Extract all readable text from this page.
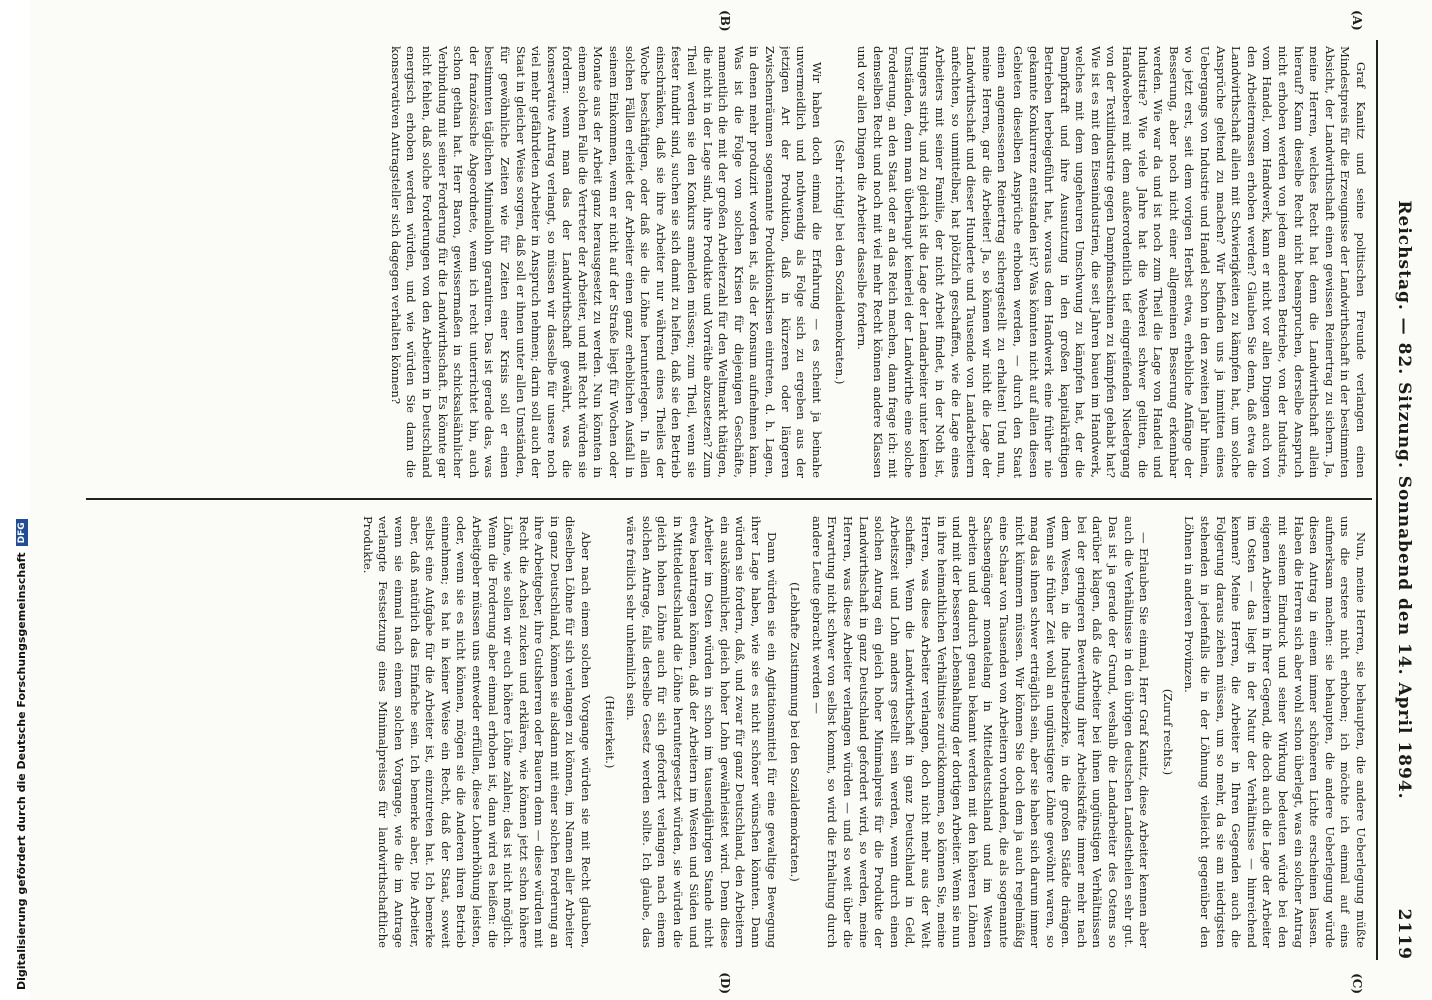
Digitalisierung gefördert durch die Deutsche ForschungsgemeinschaftDFG	Reichstag. — 82. Sitzung. Sonnabend den 14. April 1894.
2119
(A)
(B)
(C)
(D)

Graf Kanitz und seine politischen Freunde verlangen einen Mindestpreis für die Erzeugnisse der Landwirthschaft in der bestimmten Absicht, der Landwirthschaft einen gewissen Reinertrag zu sichern. Ja, meine Herren, welches Recht hat denn die Landwirthschaft allein hierauf? Kann dieselbe Recht nicht beanspruchen, derselbe Anspruch nicht erhoben werden von jedem anderen Betriebe, von der Industrie, vom Handel, vom Handwerk, kann er nicht vor allen Dingen auch von den Arbeitermassen erhoben werden? Glauben Sie denn, daß etwa die Landwirthschaft allein mit Schwierigkeiten zu kämpfen hat, um solche Ansprüche geltend zu machen? Wir befinden uns ja inmitten eines Uebergangs von Industrie und Handel schon in den zweiten Jahr hinein, wo jetzt erst, seit dem vorigen Herbst etwa, erhebliche Anfänge der Besserung, aber noch nicht einer allgemeinen Besserung erkennbar werden. Wie war da und ist noch zum Theil die Lage von Handel und Industrie? Wie viele Jahre hat die Weberei schwer gelitten, die Handweberei mit dem außerordentlich tief eingreifenden Niedergang von der Textilindustrie gegen Dampfmaschinen zu kämpfen gehabt hat? Wie ist es mit den Eisenindustrien, die seit Jahren bauen im Handwerk, welches mit dem ungeheuren Umschwung zu kämpfen hat, der die Dampfkraft und ihre Ausnutzung in den großen kapitalkräftigen Betrieben herbeigeführt hat, woraus dem Handwerk eine früher nie gekannte Konkurrenz entstanden ist? Was könnten nicht auf allen diesen Gebieten dieselben Ansprüche erhoben werden, — durch den Staat einen angemessenen Reinertrag sichergestellt zu erhalten! Und nun, meine Herren, gar die Arbeiter! Ja, so können wir nicht die Lage der Landwirthschaft und dieser Hunderte und Tausende von Landarbeitern anfechten, so unmittelbar, hat plötzlich geschaffen, wie die Lage eines Arbeiters mit seiner Familie, der nicht Arbeit findet, in der Noth ist, Hungers stirbt, und zu gleich ist die Lage der Landarbeiter unter keinen Umständen, denn man überhaupt keinerlei der Landwirthe eine solche Forderung, an den Staat oder an das Reich machen, dann frage ich: mit demselben Recht und noch mit viel mehr Recht können andere Klassen und vor allen Dingen die Arbeiter dasselbe fordern.

(Sehr richtig! bei den Sozialdemokraten.)

Wir haben doch einmal die Erfahrung — es scheint ja beinahe unvermeidlich und nothwendig als Folge sich zu ergeben aus der jetzigen Art der Produktion, daß in kürzeren oder längeren Zwischenräumen sogenannte Produktionskrisen eintreten, d. h. Lagen, in denen mehr produzirt worden ist, als der Konsum aufnehmen kann. Was ist die Folge von solchen Krisen für diejenigen Geschäfte, namentlich die mit der großen Arbeiterzahl für den Weltmarkt thätigen, die nicht in der Lage sind, ihre Produkte und Vorräthe abzusetzen? Zum Theil werden sie den Konkurs anmelden müssen; zum Theil, wenn sie fester fundirt sind, suchen sie sich damit zu helfen, daß sie den Betrieb einschränken, daß sie ihre Arbeiter nur während eines Theiles der Woche beschäftigen, oder daß sie die Löhne herunterlegen. In allen solchen Fällen erleidet der Arbeiter einen ganz erheblichen Ausfall in seinem Einkommen, wenn er nicht auf der Straße liegt für Wochen oder Monate aus der Arbeit ganz herausgesetzt zu werden. Nun könnten in einem solchen Falle die Vertreter der Arbeiter, und mit Recht würden sie fordern: wenn man das der Landwirthschaft gewährt, was die konservative Antrag verlangt, so müssen wir dasselbe für unsere noch viel mehr gefährdeten Arbeiter in Anspruch nehmen; darin soll auch der Staat in gleicher Weise sorgen, daß soll er ihnen unter allen Umständen, für gewöhnliche Zeiten wie für Zeiten einer Krisis soll er einen bestimmten täglichen Minimallohn garantiren. Das ist gerade das, was der französische Abgeordnete, wenn ich recht unterrichtet bin, auch schon gethan hat. Herr Baron, gewissermaßen in schicksalsähnlicher Verbindung mit seiner Forderung für die Landwirthschaft. Es könnte gar nicht fehlen, daß solche Forderungen von den Arbeitern in Deutschland energisch erhoben werden würden, und wie würden Sie dann die konservativen Antragsteller sich dagegen verhalten können?

Nun, meine Herren, sie behaupten, die andere Ueberlegung müßte uns die erstere nicht erhoben; ich möchte ich einmal auf eins aufmerksam machen: sie behaupten, die andere Ueberlegung würde diesen Antrag in einem immer schöneren Lichte erscheinen lassen. Haben die Herren sich aber wohl schon überlegt, was ein solcher Antrag mit seinem Eindruck und seiner Wirkung bedeuten würde bei den eigenen Arbeitern in Ihrer Gegend, die doch auch die Lage der Arbeiter im Osten — das liegt in der Natur der Verhältnisse — hinreichend kennen? Meine Herren, die Arbeiter in Ihren Gegenden auch die Folgerung daraus ziehen müssen, um so mehr, da sie am niedrigsten stehenden in jedenfalls die in der Löhnung vielleicht gegenüber den Löhnen in anderen Provinzen.

(Zuruf rechts.)

— Erlauben Sie einmal, Herr Graf Kanitz, diese Arbeiter kennen aber auch die Verhältnisse in den übrigen deutschen Landestheilen sehr gut. Das ist ja gerade der Grund, weshalb die Landarbeiter des Ostens so darüber klagen, daß die Arbeiter bei ihnen ungünstigen Verhältnissen bei der geringeren Bewerthung ihrer Arbeitskräfte immer mehr nach dem Westen, in die Industriebezirke, in die großen Städte drängen. Wenn sie früher Zeit wohl an ungünstigere Löhne gewöhnt waren, so mag das ihnen schwer erträglich sein, aber sie haben sich darum immer nicht kümmern müssen. Wir können Sie doch dem ja auch regelmäßig eine Schaar von Tausenden von Arbeitern vorhanden, die als sogenannte Sachsengänger monatelang in Mitteldeutschland und im Westen arbeiten und dadurch genau bekannt werden mit den höheren Löhnen und mit der besseren Lebenshaltung der dortigen Arbeiter. Wenn sie nun in ihre heimathlichen Verhältnisse zurückkommen, so können Sie, meine Herren, was diese Arbeiter verlangen, doch nicht mehr aus der Welt schaffen. Wenn die Landwirthschaft in ganz Deutschland in Geld, Arbeitszeit und Lohn anders gestellt sein werden, wenn durch einen solchen Antrag ein gleich hoher Minimalpreis für die Produkte der Landwirthschaft in ganz Deutschland gefordert wird, so werden, meine Herren, was diese Arbeiter verlangen würden — und so weit über die Erwartung nicht schwer von selbst kommt, so wird die Erhaltung durch andere Leute gebracht werden —

(Lebhafte Zustimmung bei den Sozialdemokraten.)

Dann würden sie ein Agitationsmittel für eine gewaltige Bewegung ihrer Lage haben, wie sie es nicht schöner wünschen könnten. Dann würden sie fordern, daß, und zwar für ganz Deutschland, den Arbeitern ein auskömmlicher, gleich hoher Lohn gewährleistet wird. Denn diese Arbeiter im Osten würden in schon im tausendjährigen Stande nicht etwa beantragen können, daß der Arbeitern im Westen und Süden und in Mitteldeutschland die Löhne heruntergesetzt würden, sie würden die gleich hohen Löhne auch für sich gefordert verlangen nach einem solchen Antrage, falls derselbe Gesetz werden sollte. Ich glaube, das wäre freilich sehr unheimlich sein.

(Heiterkeit.)

Aber nach einem solchen Vorgange würden sie mit Recht glauben, dieselben Löhne für sich verlangen zu können, im Namen aller Arbeiter in ganz Deutschland, können sie alsdann mit einer solchen Forderung an ihre Arbeitgeber, ihre Gutsherren oder Bauern denn — diese würden mit Recht die Achsel zucken und erklären, wie können jetzt schon höhere Löhne, wie sollen wir euch höhere Löhne zahlen; das ist nicht möglich. Wenn die Forderung aber einmal erhoben ist, dann wird es heißen: die Arbeitgeber müssen uns entweder erfüllen, diese Lohnerhöhung leisten, oder, wenn sie es nicht können, mögen sie die Anderen ihren Betrieb einnehmen; es hat in keiner Weise ein Recht, daß der Staat, soweit selbst eine Aufgabe für die Arbeiter ist, einzutreten hat. Ich bemerke aber, daß natürlich das Einfache sein. Ich bemerke aber, Die Arbeiter, wenn sie einmal nach einem solchen Vorgange, wie die im Antrage verlangte Festsetzung eines Minimalpreises für landwirthschaftliche Produkte.
